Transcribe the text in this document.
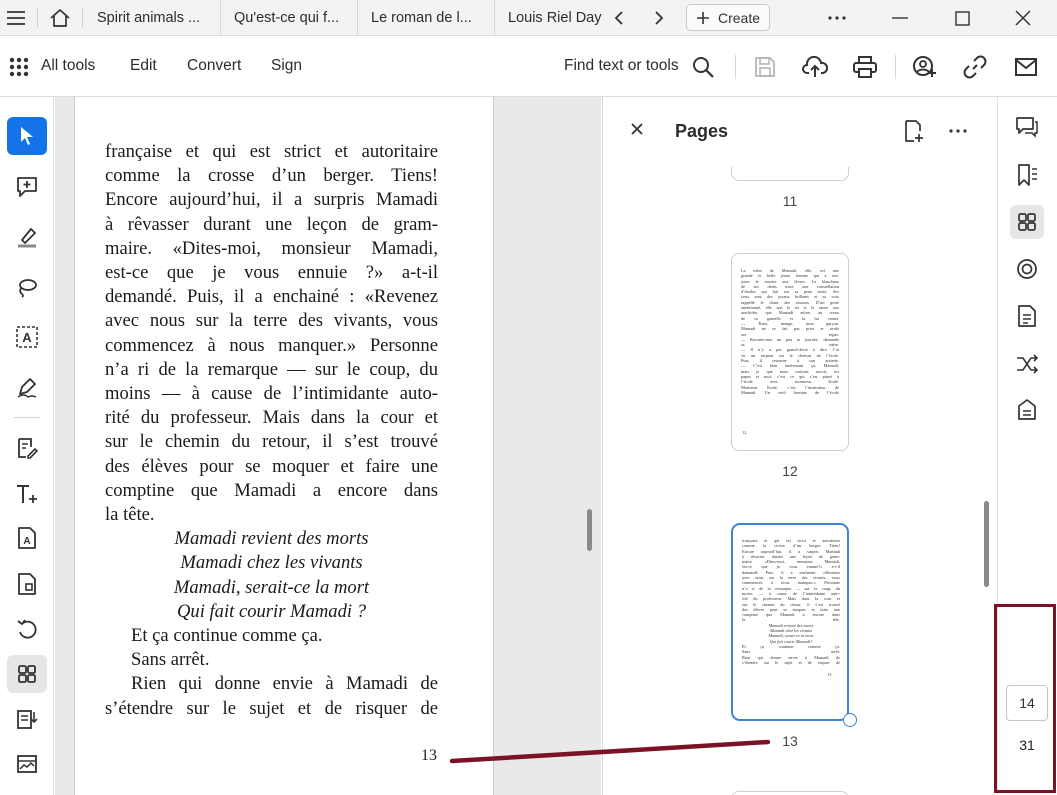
Spirit animals ... Qu'est-ce qui f... Le roman de l...	Louis Riel Day	Create
All tools Edit Convert Sign	Find text or tools
A
A
française et qui est strict et autoritaire
comme la crosse d’un berger. Tiens!
Encore aujourd’hui, il a surpris Mamadi
à rêvasser durant une leçon de gram-
maire. «Dites-moi, monsieur Mamadi,
est-ce que je vous ennuie ?» a-t-il
demandé. Puis, il a enchainé : «Revenez
avec nous sur la terre des vivants, vous
commencez à nous manquer.» Personne
n’a ri de la remarque — sur le coup, du
moins — à cause de l’intimidante auto-
rité du professeur. Mais dans la cour et
sur le chemin du retour, il s’est trouvé
des élèves pour se moquer et faire une
comptine que Mamadi a encore dans
la tête.
Mamadi revient des morts
Mamadi chez les vivants
Mamadi, serait-ce la mort
Qui fait courir Mamadi ?
Et ça continue comme ça.
Sans arrêt.
Rien qui donne envie à Mamadi de
s’étendre sur le sujet et de risquer de
13
Pages
11
La mère de Mamadi, elle, est une
grande et belle jeune femme qui a tou-
jours le sourire aux lèvres. La blancheur
de ses dents trace une constellation
d’étoiles qui luit sur sa peau noire. Ses
yeux sont des joyaux brillants et sa voix
rappelle le chant des oiseaux. D’un geste
attentionné, elle sert le riz et la sauce aux
arachides, que Mamadi adore, au creux
de sa gamelle et la lui remet.
— Tiens, mange, mon garçon.
Mamadi ne se fait pas prier et avale
ses repas.
— Raconte-moi un peu ta journée, demande
sa mère.
— Il n’y a pas grand-chose à dire. J’ai
vu un serpent sur le chemin de l’école.
Puis, il retourne à son assiette.
— C’est bien intéressant ça, Mamadi,
mais je que nous voulons savoir, tes
papas et moi, c’est ce qui s’est passé à
l’école avec monsieur Koité.
Monsieur Koïté, c’est l’instituteur de
Mamadi. Un vieil homme de l’école
12
12
française et qui est strict et autoritaire
comme la crosse d’un berger. Tiens!
Encore aujourd’hui, il a surpris Mamadi
à rêvasser durant une leçon de gram-
maire. «Dites-moi, monsieur Mamadi,
est-ce que je vous ennuie?» a-t-il
demandé. Puis, il a enchainé: «Revenez
avec nous sur la terre des vivants, vous
commencez à nous manquer.» Personne
n’a ri de la remarque — sur le coup, du
moins — à cause de l’intimidante auto-
rité du professeur. Mais dans la cour et
sur le chemin du retour, il s’est trouvé
des élèves pour se moquer et faire une
comptine que Mamadi a encore dans
la tête.
Mamadi revient des morts
Mamadi chez les vivants
Mamadi, serait-ce la mort
Qui fait courir Mamadi?
Et ça continue comme ça.
Sans arrêt.
Rien qui donne envie à Mamadi de
s’étendre sur le sujet et de risquer de
13
13
14
31
